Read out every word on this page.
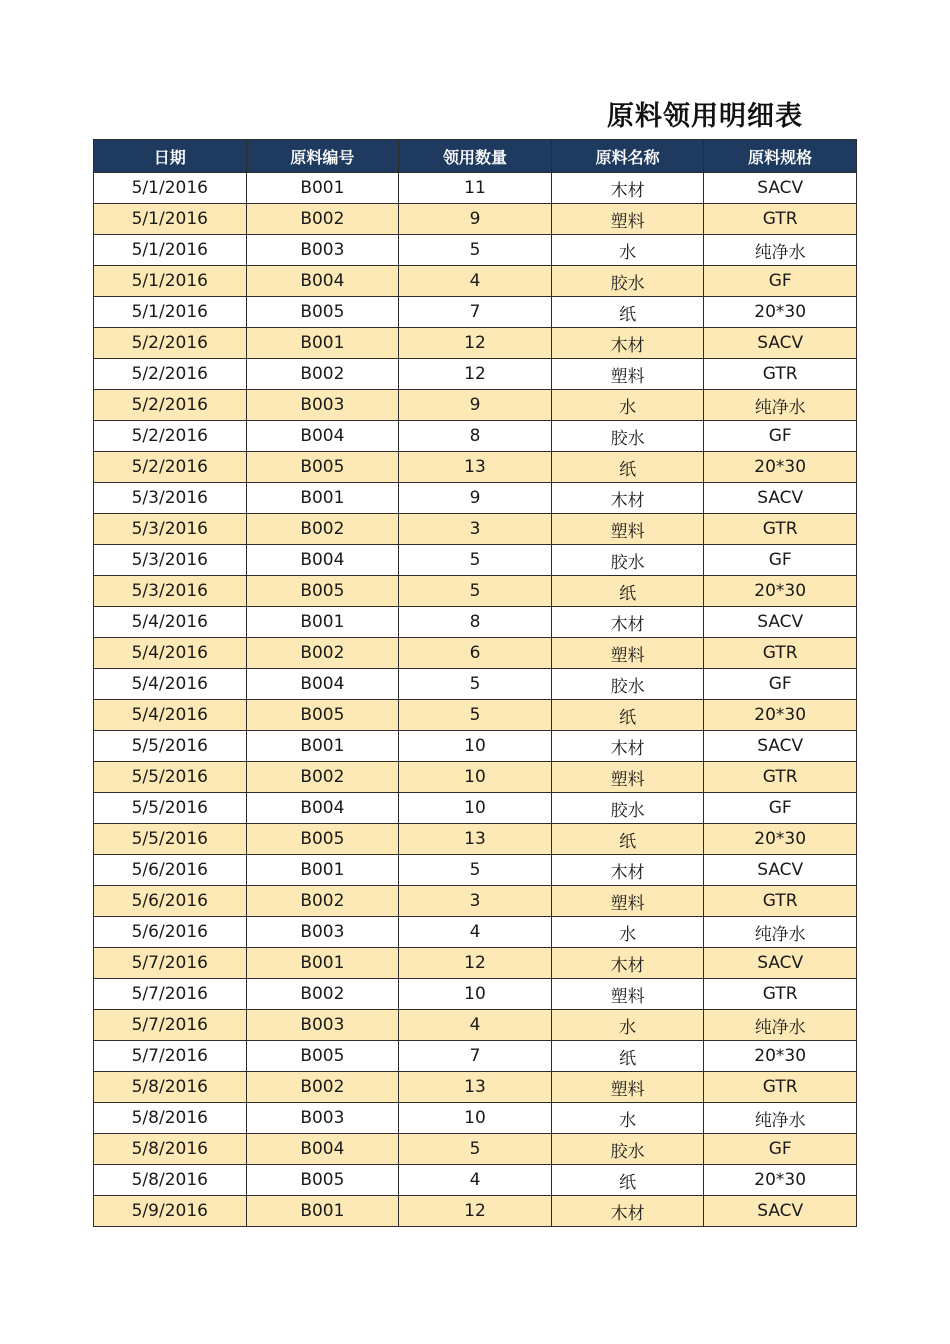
原料领用明细表
日期	原料编号	领用数量	原料名称	原料规格
5/1/2016	B001	11	木材	SACV
5/1/2016	B002	9	塑料	GTR
5/1/2016	B003	5	水	纯净水
5/1/2016	B004	4	胶水	GF
5/1/2016	B005	7	纸	20*30
5/2/2016	B001	12	木材	SACV
5/2/2016	B002	12	塑料	GTR
5/2/2016	B003	9	水	纯净水
5/2/2016	B004	8	胶水	GF
5/2/2016	B005	13	纸	20*30
5/3/2016	B001	9	木材	SACV
5/3/2016	B002	3	塑料	GTR
5/3/2016	B004	5	胶水	GF
5/3/2016	B005	5	纸	20*30
5/4/2016	B001	8	木材	SACV
5/4/2016	B002	6	塑料	GTR
5/4/2016	B004	5	胶水	GF
5/4/2016	B005	5	纸	20*30
5/5/2016	B001	10	木材	SACV
5/5/2016	B002	10	塑料	GTR
5/5/2016	B004	10	胶水	GF
5/5/2016	B005	13	纸	20*30
5/6/2016	B001	5	木材	SACV
5/6/2016	B002	3	塑料	GTR
5/6/2016	B003	4	水	纯净水
5/7/2016	B001	12	木材	SACV
5/7/2016	B002	10	塑料	GTR
5/7/2016	B003	4	水	纯净水
5/7/2016	B005	7	纸	20*30
5/8/2016	B002	13	塑料	GTR
5/8/2016	B003	10	水	纯净水
5/8/2016	B004	5	胶水	GF
5/8/2016	B005	4	纸	20*30
5/9/2016	B001	12	木材	SACV
